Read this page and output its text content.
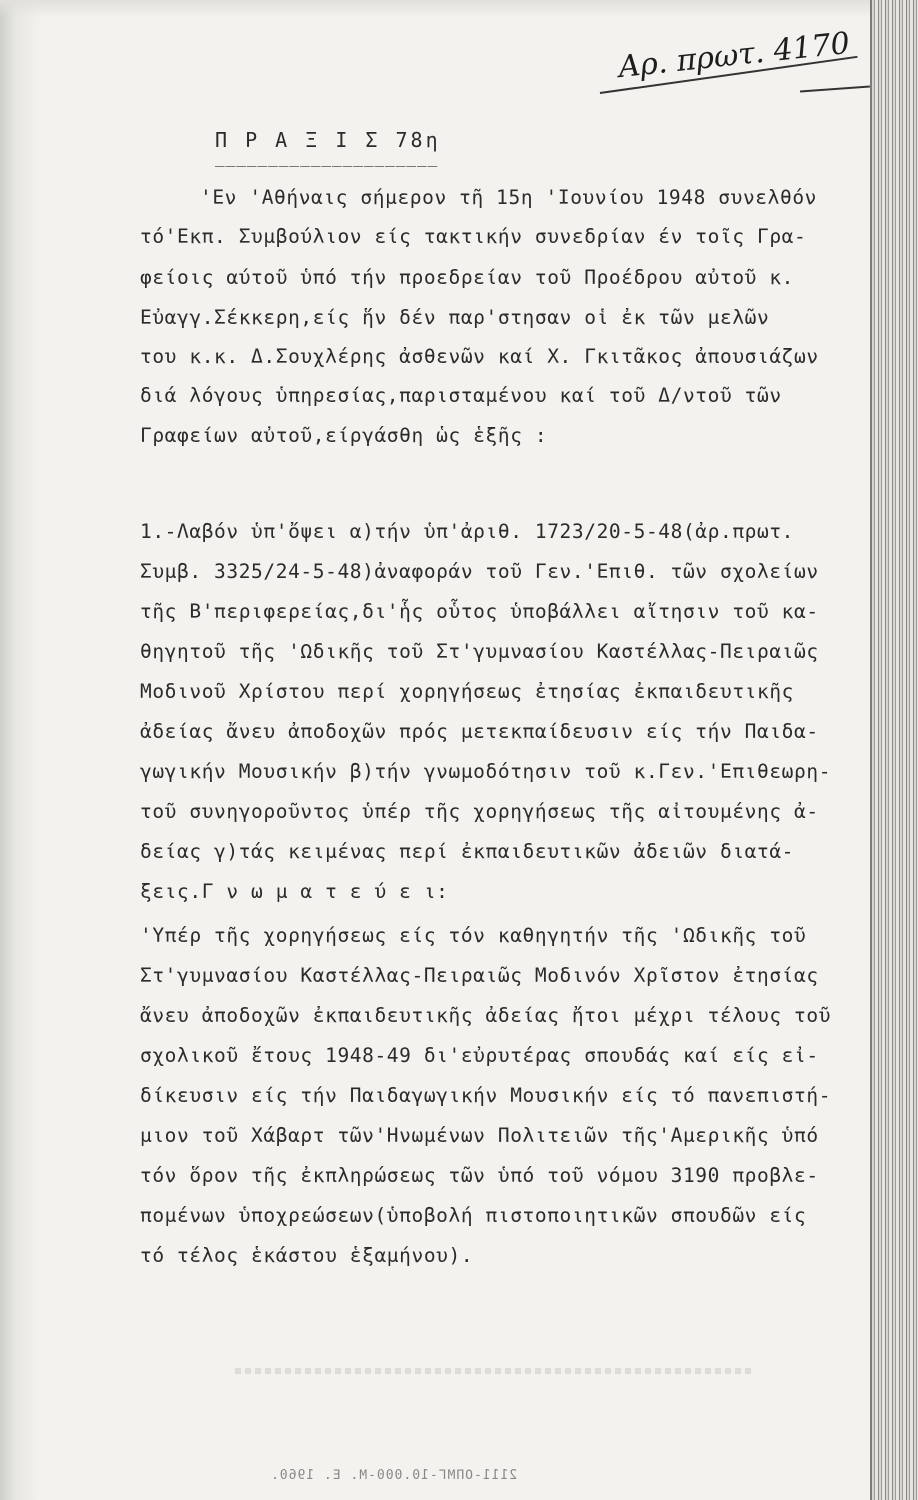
Αρ. πρωτ. 4170
Π Ρ Α Ξ Ι Σ 78η
_____________________
'Εν 'Αθήναις σήμερον τῆ 15η 'Ιουνίου 1948 συνελθόν
τό'Εκπ. Συμβούλιον είς τακτικήν συνεδρίαν έν τοῖς Γρα-
φείοις αύτοῦ ὑπό τήν προεδρείαν τοῦ Προέδρου αὐτοῦ κ.
Εὐαγγ.Σέκκερη,είς ἥν δέν παρ'στησαν οἱ ἐκ τῶν μελῶν
του κ.κ. Δ.Σουχλέρης ἀσθενῶν καί Χ. Γκιτᾶκος ἀπουσιάζων
διά λόγους ὑπηρεσίας,παρισταμένου καί τοῦ Δ/ντοῦ τῶν
Γραφείων αὐτοῦ,είργάσθη ὡς ἑξῆς :
1.-Λαβόν ὑπ'ὄψει α)τήν ὑπ'ἀριθ. 1723/20-5-48(ἀρ.πρωτ.
Συμβ. 3325/24-5-48)ἀναφοράν τοῦ Γεν.'Επιθ. τῶν σχολείων
τῆς Β'περιφερείας,δι'ἧς οὗτος ὑποβάλλει αἴτησιν τοῦ κα-
θηγητοῦ τῆς 'Ωδικῆς τοῦ Στ'γυμνασίου Καστέλλας-Πειραιῶς
Μοδινοῦ Χρίστου περί χορηγήσεως ἐτησίας ἐκπαιδευτικῆς
ἀδείας ἄνευ ἀποδοχῶν πρός μετεκπαίδευσιν είς τήν Παιδα-
γωγικήν Μουσικήν β)τήν γνωμοδότησιν τοῦ κ.Γεν.'Επιθεωρη-
τοῦ συνηγοροῦντος ὑπέρ τῆς χορηγήσεως τῆς αἰτουμένης ἀ-
δείας γ)τάς κειμένας περί ἐκπαιδευτικῶν ἀδειῶν διατά-
ξεις.Γ ν ω μ α τ ε ύ ε ι:
'Υπέρ τῆς χορηγήσεως είς τόν καθηγητήν τῆς 'Ωδικῆς τοῦ
Στ'γυμνασίου Καστέλλας-Πειραιῶς Μοδινόν Χρῖστον ἐτησίας
ἄνευ ἀποδοχῶν ἐκπαιδευτικῆς ἀδείας ἤτοι μέχρι τέλους τοῦ
σχολικοῦ ἔτους 1948-49 δι'εὐρυτέρας σπουδάς καί είς εἰ-
δίκευσιν είς τήν Παιδαγωγικήν Μουσικήν είς τό πανεπιστή-
μιον τοῦ Χάβαρτ τῶν'Ηνωμένων Πολιτειῶν τῆς'Αμερικῆς ὑπό
τόν ὅρον τῆς ἐκπληρώσεως τῶν ὑπό τοῦ νόμου 3190 προβλε-
πομένων ὑποχρεώσεων(ὑποβολή πιστοποιητικῶν σπουδῶν είς
τό τέλος ἑκάστου ἑξαμήνου).
2111-ΟΠΜΓ-10.000-Μ. Ε. 1960.
